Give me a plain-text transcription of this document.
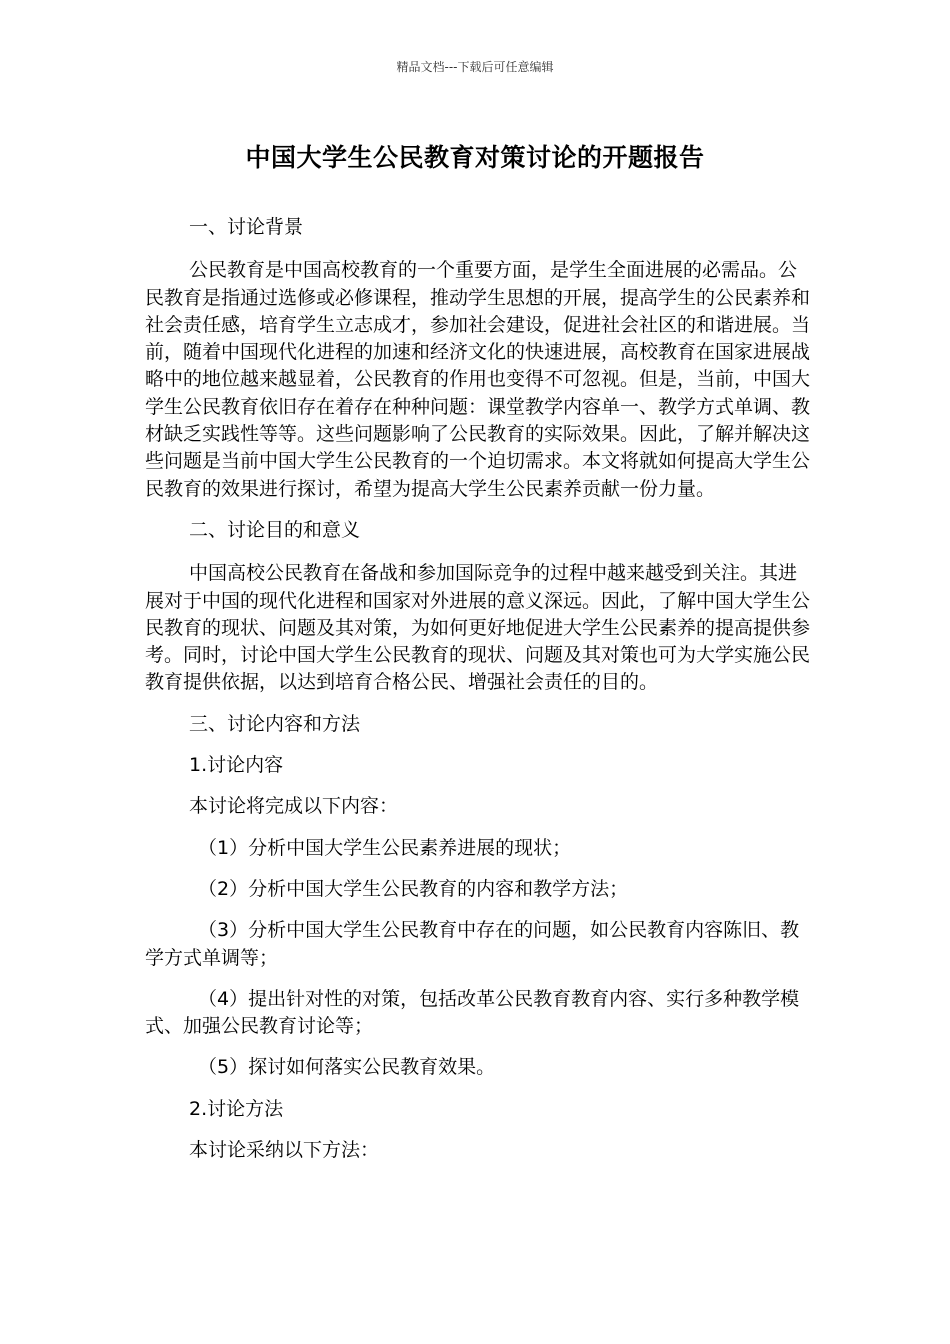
精品文档---下载后可任意编辑
中国大学生公民教育对策讨论的开题报告

一、讨论背景

公民教育是中国高校教育的一个重要方面，是学生全面进展的必需品。公民教育是指通过选修或必修课程，推动学生思想的开展，提高学生的公民素养和社会责任感，培育学生立志成才，参加社会建设，促进社会社区的和谐进展。当前，随着中国现代化进程的加速和经济文化的快速进展，高校教育在国家进展战略中的地位越来越显着，公民教育的作用也变得不可忽视。但是，当前，中国大学生公民教育依旧存在着存在种种问题：课堂教学内容单一、教学方式单调、教材缺乏实践性等等。这些问题影响了公民教育的实际效果。因此，了解并解决这些问题是当前中国大学生公民教育的一个迫切需求。本文将就如何提高大学生公民教育的效果进行探讨，希望为提高大学生公民素养贡献一份力量。

二、讨论目的和意义

中国高校公民教育在备战和参加国际竞争的过程中越来越受到关注。其进展对于中国的现代化进程和国家对外进展的意义深远。因此，了解中国大学生公民教育的现状、问题及其对策，为如何更好地促进大学生公民素养的提高提供参考。同时，讨论中国大学生公民教育的现状、问题及其对策也可为大学实施公民教育提供依据，以达到培育合格公民、增强社会责任的目的。

三、讨论内容和方法

1.讨论内容

本讨论将完成以下内容：

（1）分析中国大学生公民素养进展的现状；

（2）分析中国大学生公民教育的内容和教学方法；

（3）分析中国大学生公民教育中存在的问题，如公民教育内容陈旧、教学方式单调等；

（4）提出针对性的对策，包括改革公民教育教育内容、实行多种教学模式、加强公民教育讨论等；

（5）探讨如何落实公民教育效果。

2.讨论方法

本讨论采纳以下方法：
